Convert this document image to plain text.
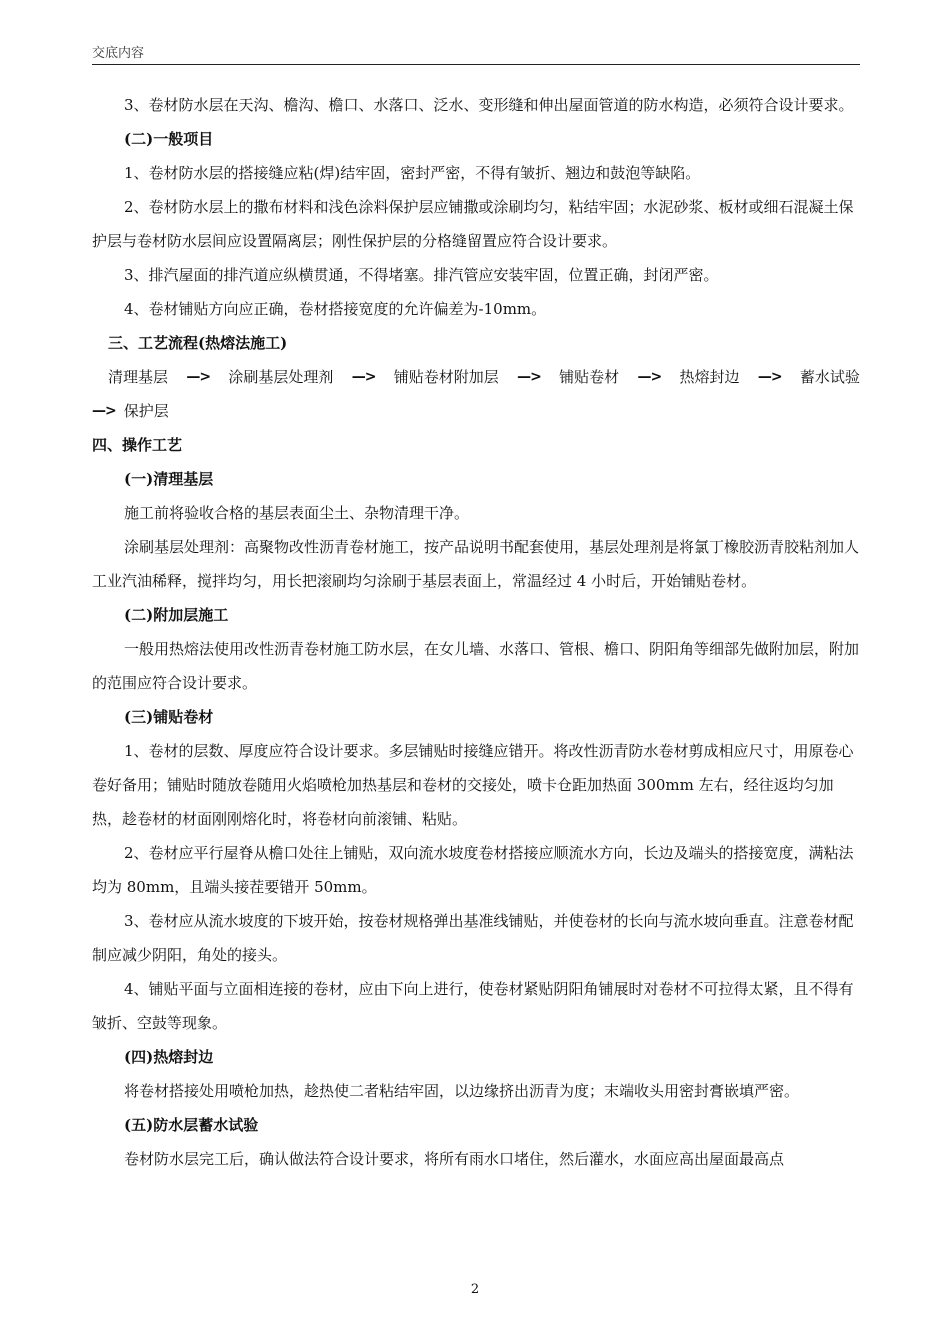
交底内容

3、卷材防水层在天沟、檐沟、檐口、水落口、泛水、变形缝和伸出屋面管道的防水构造，必须符合设计要求。

(二)一般项目

1、卷材防水层的搭接缝应粘(焊)结牢固，密封严密，不得有皱折、翘边和鼓泡等缺陷。

2、卷材防水层上的撒布材料和浅色涂料保护层应铺撒或涂刷均匀，粘结牢固；水泥砂浆、板材或细石混凝土保护层与卷材防水层间应设置隔离层；刚性保护层的分格缝留置应符合设计要求。

3、排汽屋面的排汽道应纵横贯通，不得堵塞。排汽管应安装牢固，位置正确，封闭严密。

4、卷材铺贴方向应正确，卷材搭接宽度的允许偏差为-10mm。

三、工艺流程(热熔法施工)

清理基层 —> 涂刷基层处理剂 —> 铺贴卷材附加层 —> 铺贴卷材 —> 热熔封边 —> 蓄水试验
—> 保护层

四、操作工艺

(一)清理基层

施工前将验收合格的基层表面尘土、杂物清理干净。

涂刷基层处理剂：高聚物改性沥青卷材施工，按产品说明书配套使用，基层处理剂是将氯丁橡胶沥青胶粘剂加人工业汽油稀释，搅拌均匀，用长把滚刷均匀涂刷于基层表面上，常温经过 4 小时后，开始铺贴卷材。

(二)附加层施工

一般用热熔法使用改性沥青卷材施工防水层，在女儿墙、水落口、管根、檐口、阴阳角等细部先做附加层，附加的范围应符合设计要求。

(三)铺贴卷材

1、卷材的层数、厚度应符合设计要求。多层铺贴时接缝应错开。将改性沥青防水卷材剪成相应尺寸，用原卷心卷好备用；铺贴时随放卷随用火焰喷枪加热基层和卷材的交接处，喷卡仓距加热面 300mm 左右，经往返均匀加热，趁卷材的材面刚刚熔化时，将卷材向前滚铺、粘贴。

2、卷材应平行屋脊从檐口处往上铺贴，双向流水坡度卷材搭接应顺流水方向，长边及端头的搭接宽度，满粘法均为 80mm，且端头接茬要错开 50mm。

3、卷材应从流水坡度的下坡开始，按卷材规格弹出基准线铺贴，并使卷材的长向与流水坡向垂直。注意卷材配制应减少阴阳，角处的接头。

4、铺贴平面与立面相连接的卷材，应由下向上进行，使卷材紧贴阴阳角铺展时对卷材不可拉得太紧，且不得有皱折、空鼓等现象。

(四)热熔封边

将卷材搭接处用喷枪加热，趁热使二者粘结牢固，以边缘挤出沥青为度；末端收头用密封膏嵌填严密。

(五)防水层蓄水试验

卷材防水层完工后，确认做法符合设计要求，将所有雨水口堵住，然后灌水，水面应高出屋面最高点

2
